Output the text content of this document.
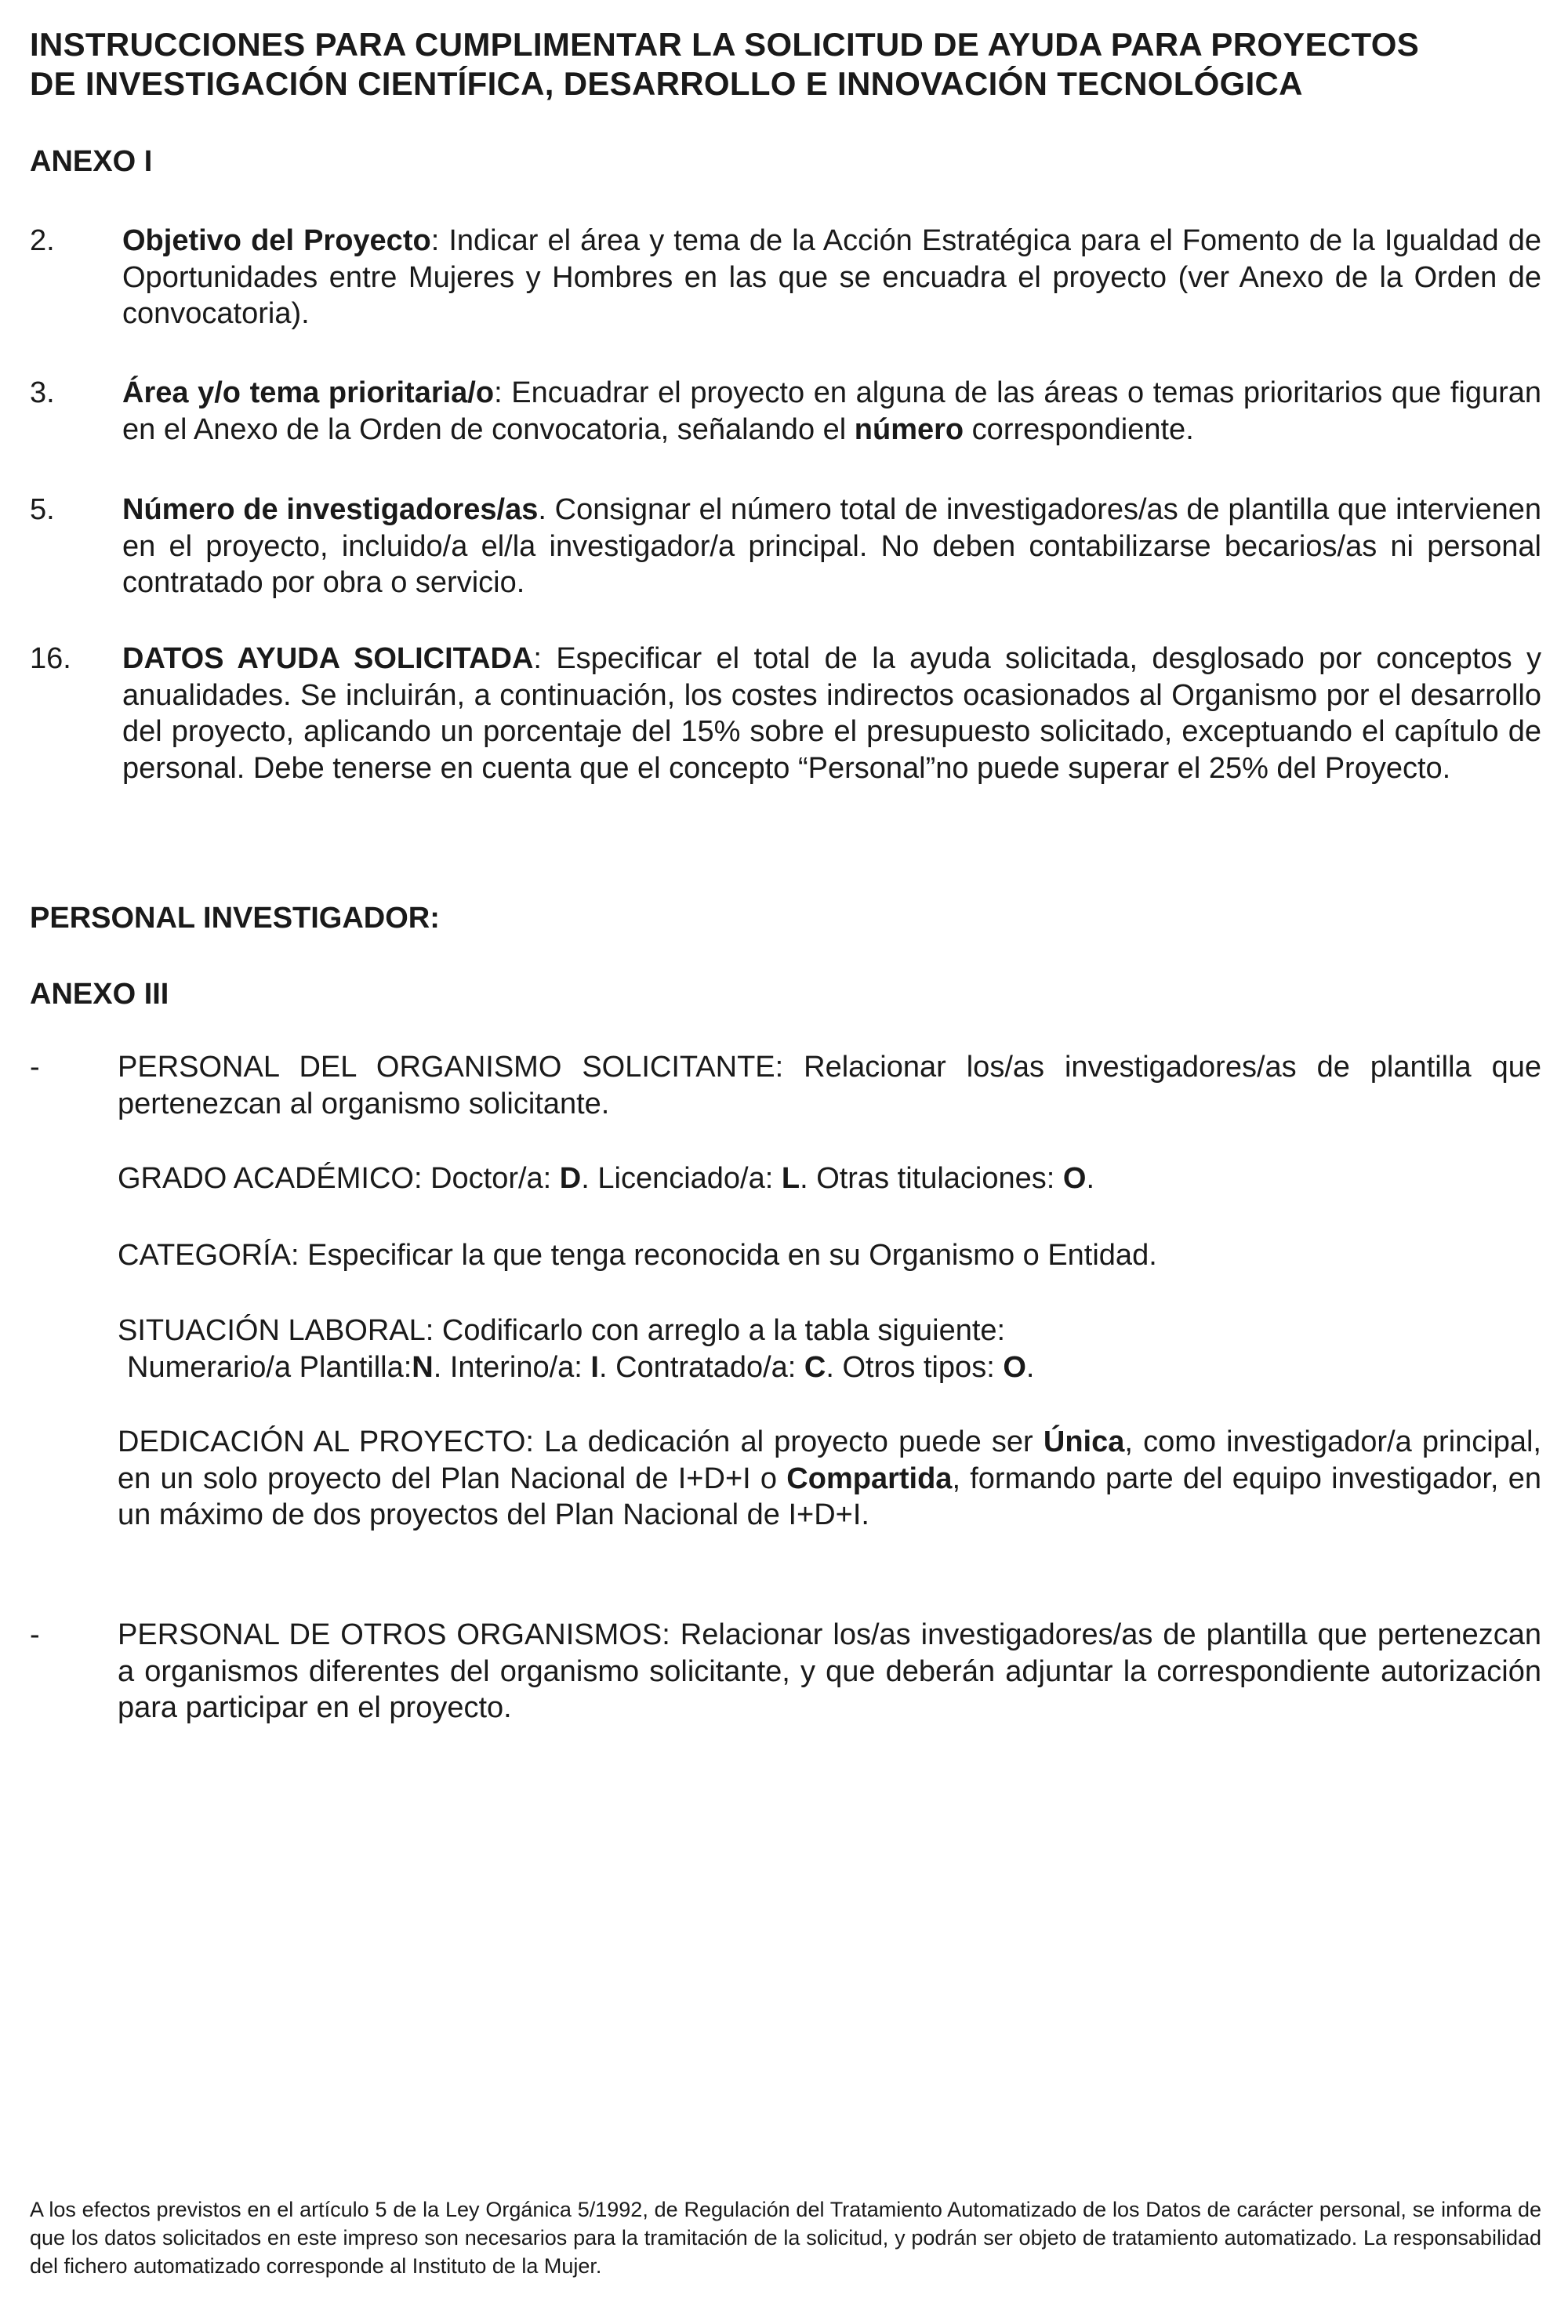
INSTRUCCIONES PARA CUMPLIMENTAR LA SOLICITUD DE AYUDA PARA PROYECTOS
DE INVESTIGACIÓN CIENTÍFICA, DESARROLLO E INNOVACIÓN TECNOLÓGICA
ANEXO I
2. Objetivo del Proyecto: Indicar el área y tema de la Acción Estratégica para el Fomento de la Igualdad de Oportunidades entre Mujeres y Hombres en las que se encuadra el proyecto (ver Anexo de la Orden de convocatoria).
3. Área y/o tema prioritaria/o: Encuadrar el proyecto en alguna de las áreas o temas prioritarios que figuran en el Anexo de la Orden de convocatoria, señalando el número correspondiente.
5. Número de investigadores/as. Consignar el número total de investigadores/as de plantilla que intervienen en el proyecto, incluido/a el/la investigador/a principal. No deben contabilizarse becarios/as ni personal contratado por obra o servicio.
16. DATOS AYUDA SOLICITADA: Especificar el total de la ayuda solicitada, desglosado por conceptos y anualidades. Se incluirán, a continuación, los costes indirectos ocasionados al Organismo por el desarrollo del proyecto, aplicando un porcentaje del 15% sobre el presupuesto solicitado, exceptuando el capítulo de personal. Debe tenerse en cuenta que el concepto “Personal”no puede superar el 25% del Proyecto.
PERSONAL INVESTIGADOR:
ANEXO III
-	PERSONAL DEL ORGANISMO SOLICITANTE: Relacionar los/as investigadores/as de plantilla que pertenezcan al organismo solicitante.
GRADO ACADÉMICO: Doctor/a: D. Licenciado/a: L. Otras titulaciones: O.
CATEGORÍA: Especificar la que tenga reconocida en su Organismo o Entidad.
SITUACIÓN LABORAL: Codificarlo con arreglo a la tabla siguiente:
Numerario/a Plantilla:N. Interino/a: I. Contratado/a: C. Otros tipos: O.
DEDICACIÓN AL PROYECTO: La dedicación al proyecto puede ser Única, como investigador/a principal, en un solo proyecto del Plan Nacional de I+D+I o Compartida, formando parte del equipo investigador, en un máximo de dos proyectos del Plan Nacional de I+D+I.
-	PERSONAL DE OTROS ORGANISMOS: Relacionar los/as investigadores/as de plantilla que pertenezcan a organismos diferentes del organismo solicitante, y que deberán adjuntar la correspondiente autorización para participar en el proyecto.
A los efectos previstos en el artículo 5 de la Ley Orgánica 5/1992, de Regulación del Tratamiento Automatizado de los Datos de carácter personal, se informa de que los datos solicitados en este impreso son necesarios para la tramitación de la solicitud, y podrán ser objeto de tratamiento automatizado. La responsabilidad del fichero automatizado corresponde al Instituto de la Mujer.
